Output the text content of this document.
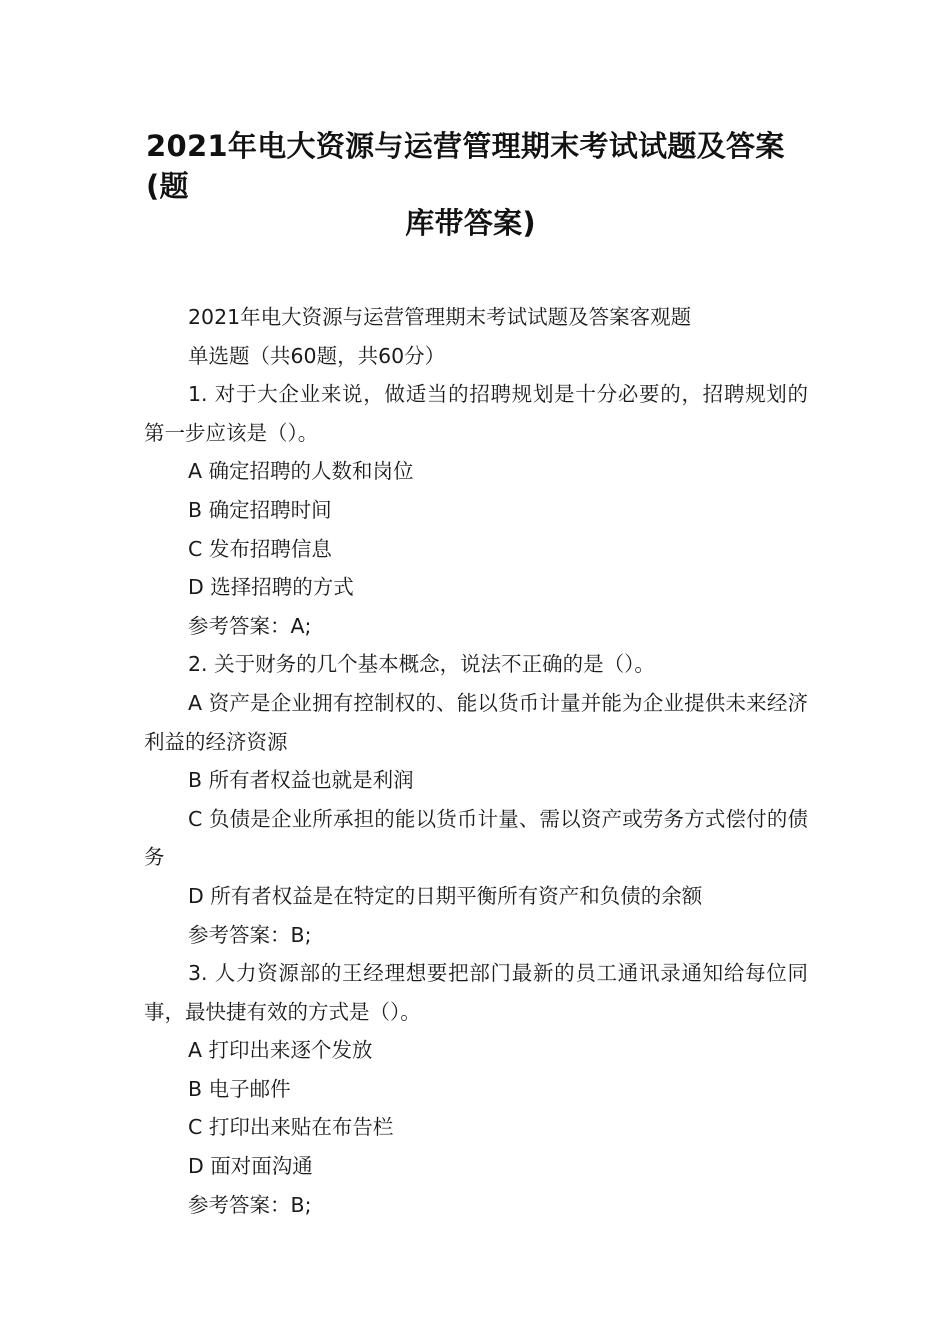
2021年电大资源与运营管理期末考试试题及答案(题
库带答案)

2021年电大资源与运营管理期末考试试题及答案客观题

单选题（共60题，共60分）

1. 对于大企业来说，做适当的招聘规划是十分必要的，招聘规划的第一步应该是（）。

A 确定招聘的人数和岗位

B 确定招聘时间

C 发布招聘信息

D 选择招聘的方式

参考答案：A;

2. 关于财务的几个基本概念，说法不正确的是（）。

A 资产是企业拥有控制权的、能以货币计量并能为企业提供未来经济利益的经济资源

B 所有者权益也就是利润

C 负债是企业所承担的能以货币计量、需以资产或劳务方式偿付的债务

D 所有者权益是在特定的日期平衡所有资产和负债的余额

参考答案：B;

3. 人力资源部的王经理想要把部门最新的员工通讯录通知给每位同事，最快捷有效的方式是（）。

A 打印出来逐个发放

B 电子邮件

C 打印出来贴在布告栏

D 面对面沟通

参考答案：B;
